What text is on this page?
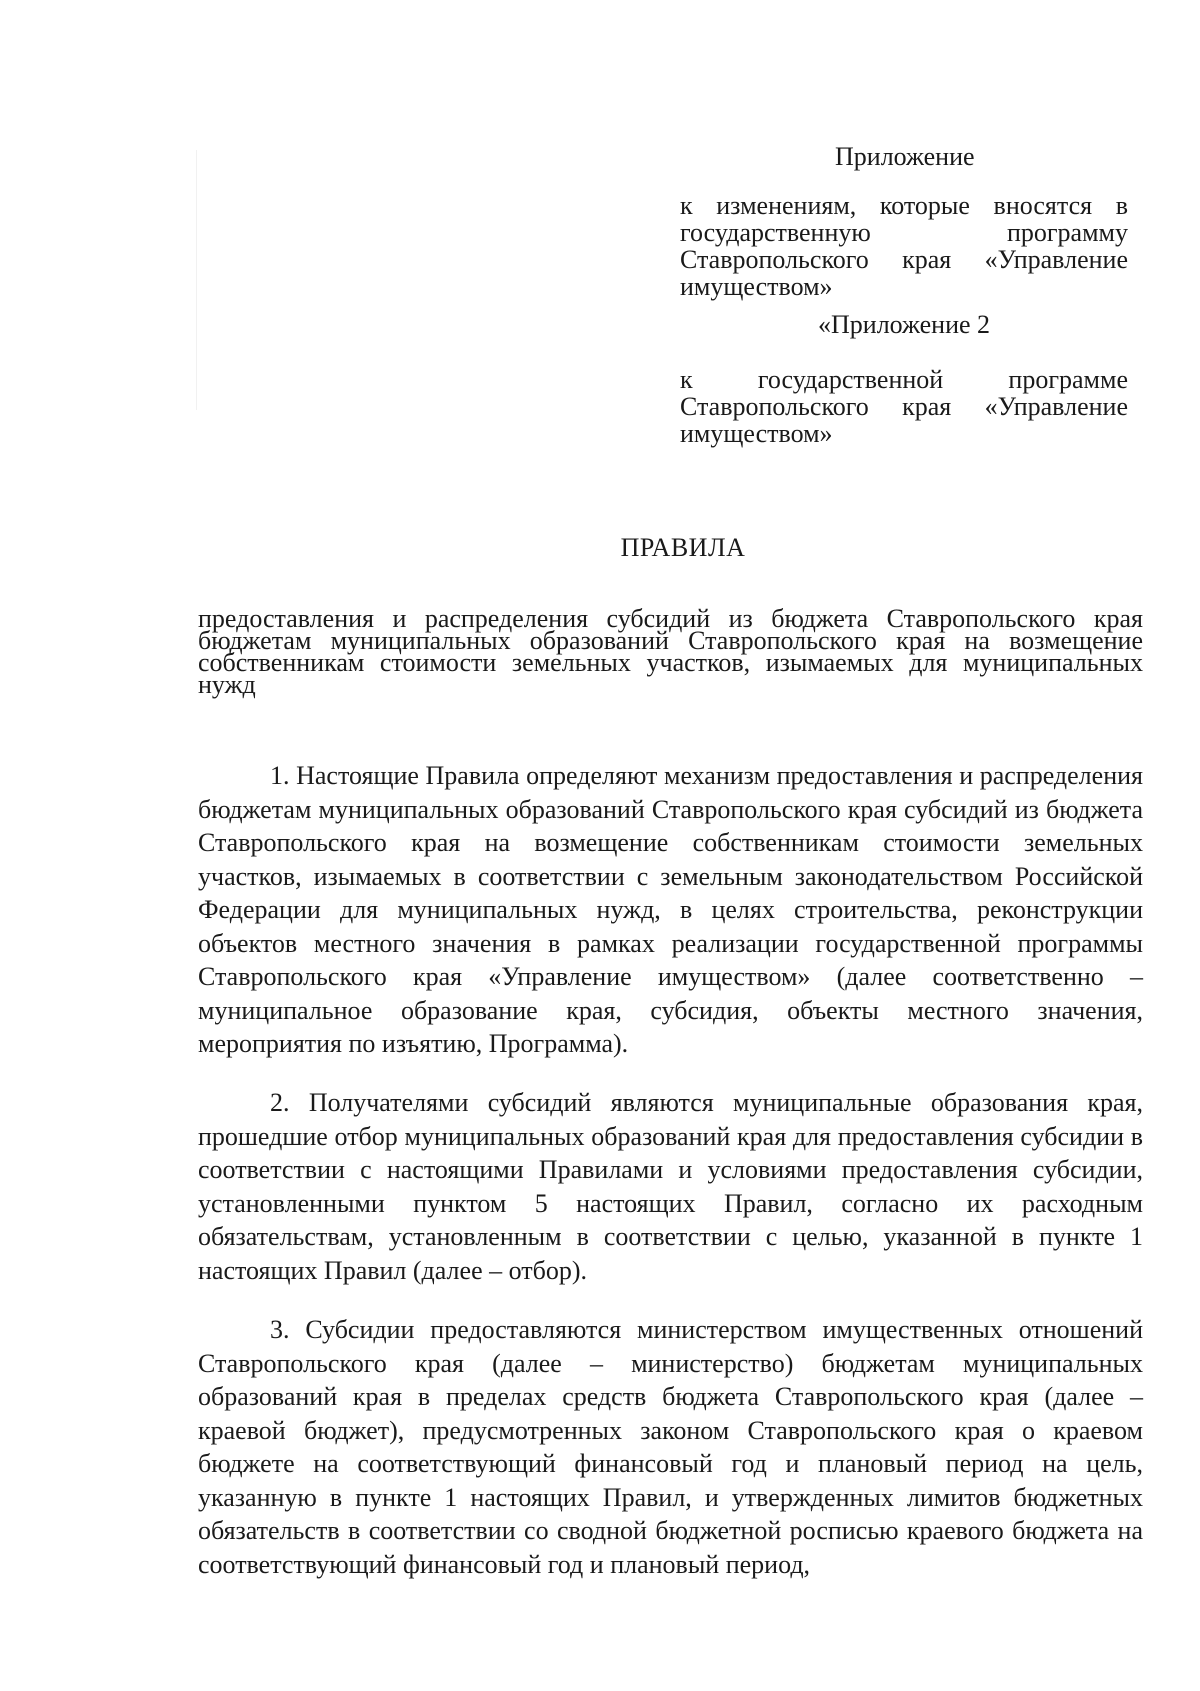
Приложение
к изменениям, которые вносятся в государственную программу Ставропольского края «Управление имуществом»
«Приложение 2
к государственной программе Ставропольского края «Управление имуществом»
ПРАВИЛА
предоставления и распределения субсидий из бюджета Ставропольского края бюджетам муниципальных образований Ставропольского края на возмещение собственникам стоимости земельных участков, изымаемых для муниципальных нужд

1. Настоящие Правила определяют механизм предоставления и распределения бюджетам муниципальных образований Ставропольского края субсидий из бюджета Ставропольского края на возмещение собственникам стоимости земельных участков, изымаемых в соответствии с земельным законодательством Российской Федерации для муниципальных нужд, в целях строительства, реконструкции объектов местного значения в рамках реализации государственной программы Ставропольского края «Управление имуществом» (далее соответственно – муниципальное образование края, субсидия, объекты местного значения, мероприятия по изъятию, Программа).

2. Получателями субсидий являются муниципальные образования края, прошедшие отбор муниципальных образований края для предоставления субсидии в соответствии с настоящими Правилами и условиями предоставления субсидии, установленными пунктом 5 настоящих Правил, согласно их расходным обязательствам, установленным в соответствии с целью, указанной в пункте 1 настоящих Правил (далее – отбор).

3. Субсидии предоставляются министерством имущественных отношений Ставропольского края (далее – министерство) бюджетам муниципальных образований края в пределах средств бюджета Ставропольского края (далее – краевой бюджет), предусмотренных законом Ставропольского края о краевом бюджете на соответствующий финансовый год и плановый период на цель, указанную в пункте 1 настоящих Правил, и утвержденных лимитов бюджетных обязательств в соответствии со сводной бюджетной росписью краевого бюджета на соответствующий финансовый год и плановый период,
